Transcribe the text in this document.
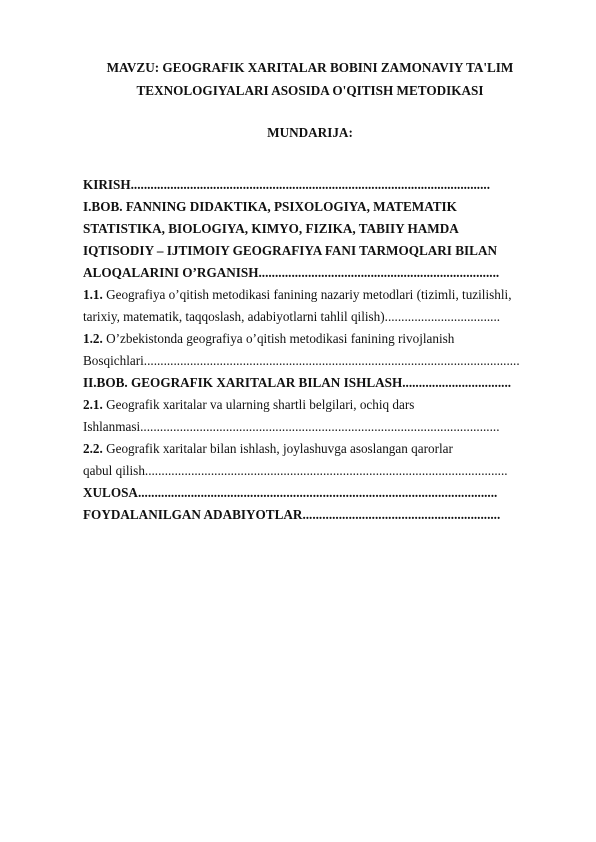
MAVZU: GEOGRAFIK XARITALAR BOBINI ZAMONAVIY TA'LIM
TEXNOLOGIYALARI ASOSIDA O'QITISH METODIKASI
MUNDARIJA:
KIRISH.............................................................................................................
I.BOB. FANNING DIDAKTIKA, PSIXOLOGIYA, MATEMATIK
STATISTIKA, BIOLOGIYA, KIMYO, FIZIKA, TABIIY HAMDA
IQTISODIY – IJTIMOIY GEOGRAFIYA FANI TARMOQLARI BILAN
ALOQALARINI O’RGANISH.........................................................................
1.1. Geografiya o’qitish metodikasi fanining nazariy metodlari (tizimli, tuzilishli,
tarixiy, matematik, taqqoslash, adabiyotlarni tahlil qilish)...................................
1.2. O’zbekistonda geografiya o’qitish metodikasi fanining rivojlanish
Bosqichlari..................................................................................................................
II.BOB. GEOGRAFIK XARITALAR BILAN ISHLASH.................................
2.1. Geografik xaritalar va ularning shartli belgilari, ochiq dars
Ishlanmasi.............................................................................................................
2.2. Geografik xaritalar bilan ishlash, joylashuvga asoslangan qarorlar
qabul qilish..............................................................................................................
XULOSA.............................................................................................................
FOYDALANILGAN ADABIYOTLAR............................................................
